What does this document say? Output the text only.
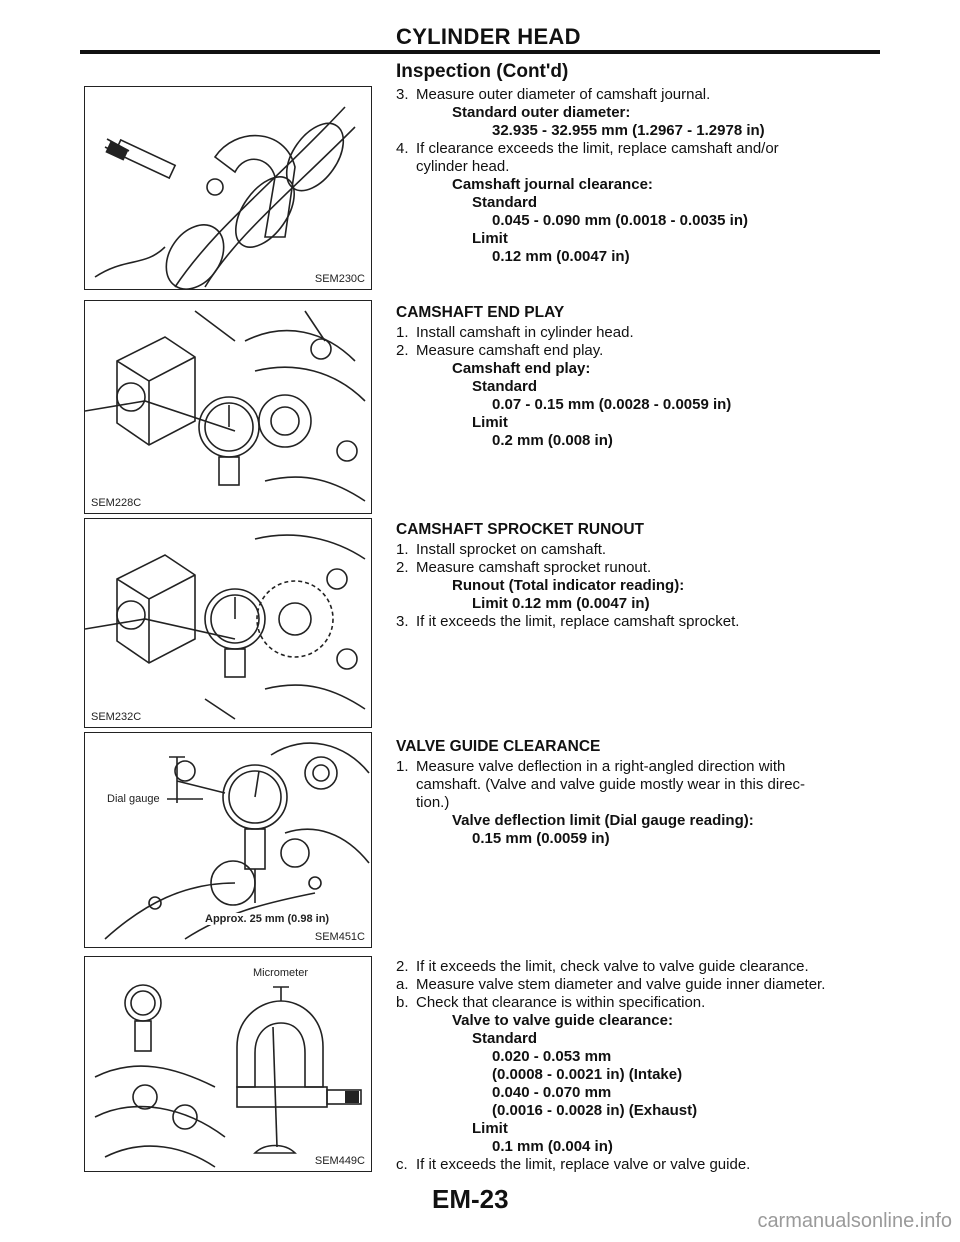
CYLINDER HEAD
SEM230C
SEM228C
SEM232C
Dial gauge
Approx. 25 mm (0.98 in)
SEM451C
Micrometer
SEM449C
Inspection (Cont'd)
3. Measure outer diameter of camshaft journal.
Standard outer diameter:
32.935 - 32.955 mm (1.2967 - 1.2978 in)
4. If clearance exceeds the limit, replace camshaft and/or
cylinder head.
Camshaft journal clearance:
Standard
0.045 - 0.090 mm (0.0018 - 0.0035 in)
Limit
0.12 mm (0.0047 in)
CAMSHAFT END PLAY
1. Install camshaft in cylinder head.
2. Measure camshaft end play.
Camshaft end play:
Standard
0.07 - 0.15 mm (0.0028 - 0.0059 in)
Limit
0.2 mm (0.008 in)
CAMSHAFT SPROCKET RUNOUT
1. Install sprocket on camshaft.
2. Measure camshaft sprocket runout.
Runout (Total indicator reading):
Limit 0.12 mm (0.0047 in)
3. If it exceeds the limit, replace camshaft sprocket.
VALVE GUIDE CLEARANCE
1. Measure valve deflection in a right-angled direction with
camshaft. (Valve and valve guide mostly wear in this direc-
tion.)
Valve deflection limit (Dial gauge reading):
0.15 mm (0.0059 in)
2. If it exceeds the limit, check valve to valve guide clearance.
a. Measure valve stem diameter and valve guide inner diameter.
b. Check that clearance is within specification.
Valve to valve guide clearance:
Standard
0.020 - 0.053 mm
(0.0008 - 0.0021 in) (Intake)
0.040 - 0.070 mm
(0.0016 - 0.0028 in) (Exhaust)
Limit
0.1 mm (0.004 in)
c. If it exceeds the limit, replace valve or valve guide.
EM-23
carmanualsonline.info
